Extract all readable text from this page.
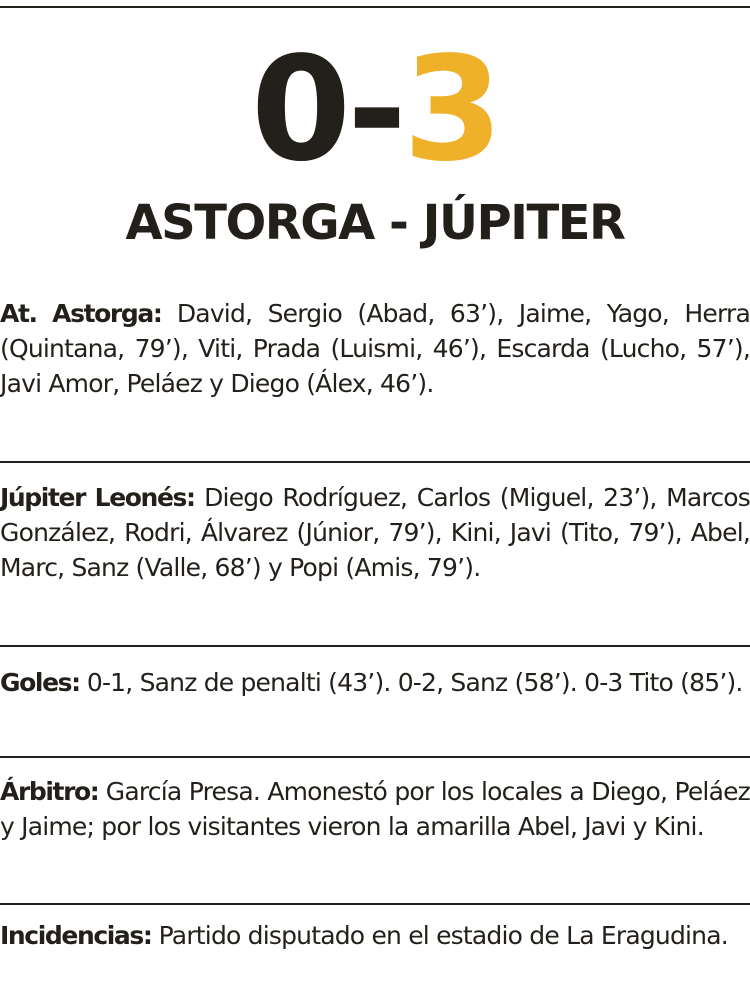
0-3
ASTORGA - JÚPITER
At. Astorga: David, Sergio (Abad, 63’), Jaime, Yago, Herra (Quintana, 79’), Viti, Prada (Luismi, 46’), Escarda (Lucho, 57’), Javi Amor, Peláez y Diego (Álex, 46’).
Júpiter Leonés: Diego Rodríguez, Carlos (Miguel, 23’), Marcos González, Rodri, Álvarez (Júnior, 79’), Kini, Javi (Tito, 79’), Abel, Marc, Sanz (Valle, 68’) y Popi (Amis, 79’).
Goles: 0-1, Sanz de penalti (43’). 0-2, Sanz (58’). 0-3 Tito (85’).
Árbitro: García Presa. Amonestó por los locales a Diego, Peláez y Jaime; por los visitantes vieron la amarilla Abel, Javi y Kini.
Incidencias: Partido disputado en el estadio de La Eragudina.
